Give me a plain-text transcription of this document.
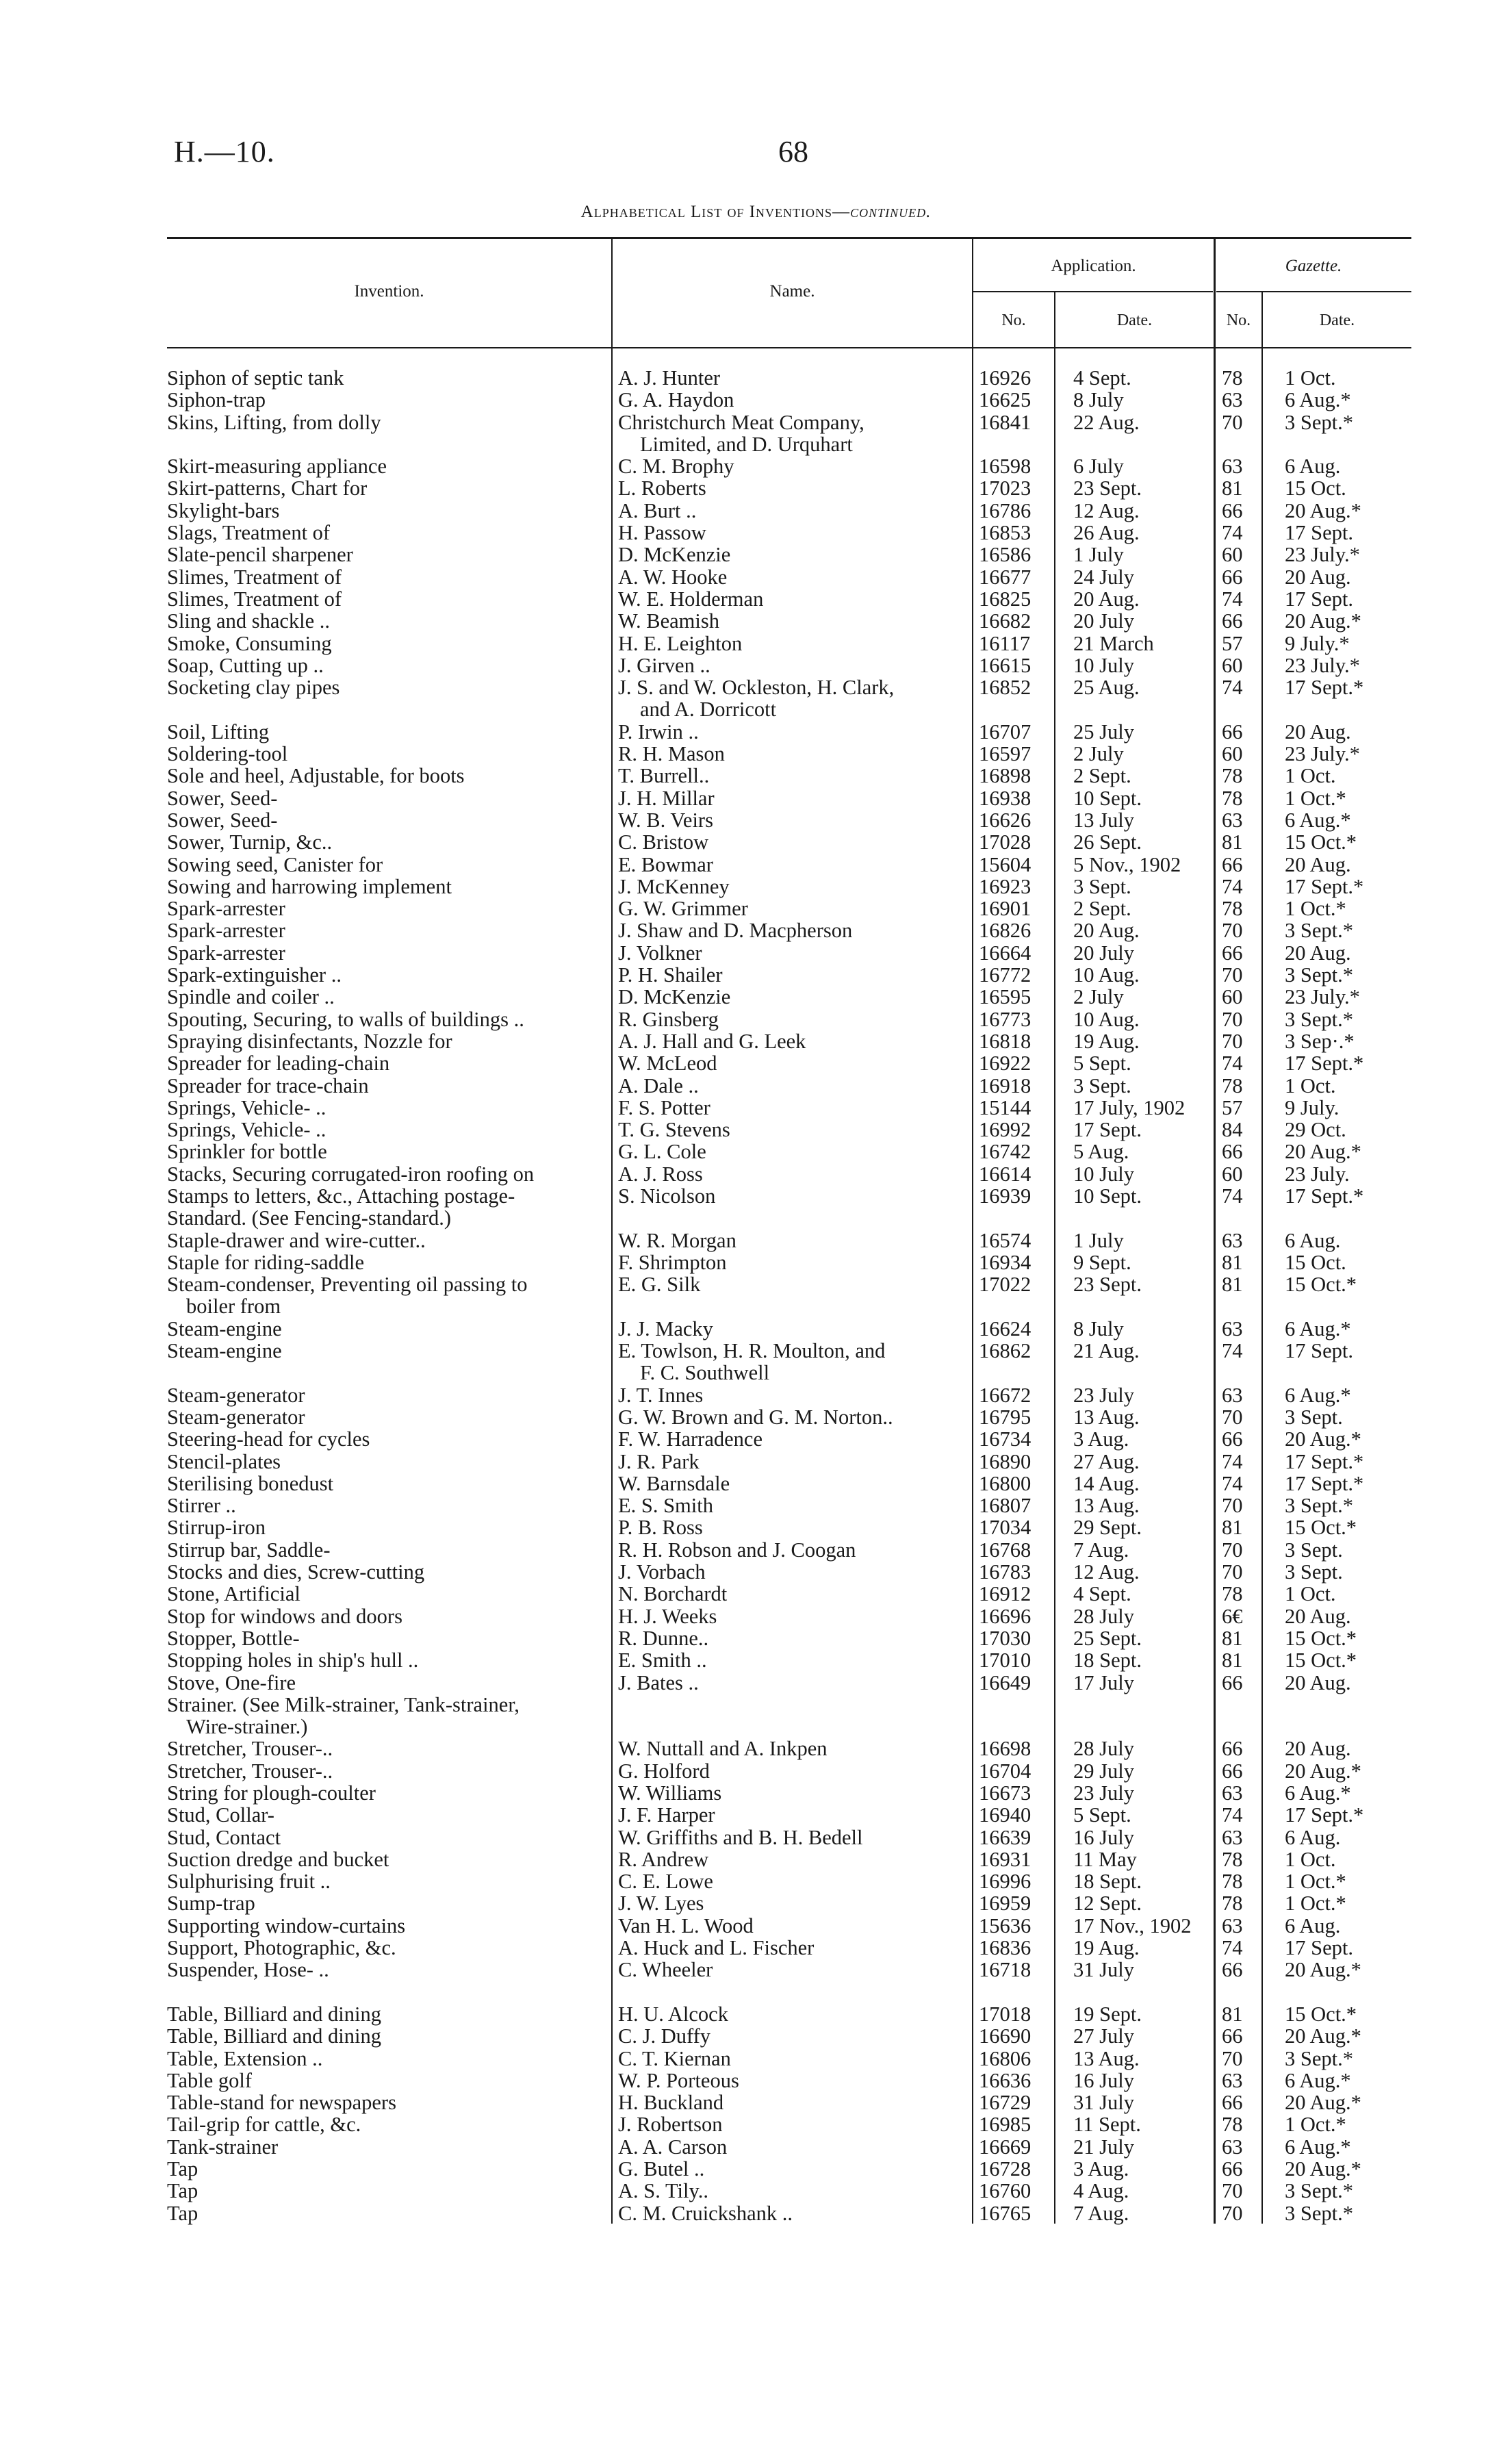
H.—10.	68
Alphabetical List of Inventions—continued.
Invention.	Name.
Application.	Gazette.
No.	Date.	No.	Date.
Siphon of septic tank	A. J. Hunter	16926	4 Sept.	78	1 Oct.
Siphon-trap	G. A. Haydon	16625	8 July	63	6 Aug.*
Skins, Lifting, from dolly	Christchurch Meat Company,	16841	22 Aug.	70	3 Sept.*
Limited, and D. Urquhart
Skirt-measuring appliance	C. M. Brophy	16598	6 July	63	6 Aug.
Skirt-patterns, Chart for	L. Roberts	17023	23 Sept.	81	15 Oct.
Skylight-bars	A. Burt ..	16786	12 Aug.	66	20 Aug.*
Slags, Treatment of	H. Passow	16853	26 Aug.	74	17 Sept.
Slate-pencil sharpener	D. McKenzie	16586	1 July	60	23 July.*
Slimes, Treatment of	A. W. Hooke	16677	24 July	66	20 Aug.
Slimes, Treatment of	W. E. Holderman	16825	20 Aug.	74	17 Sept.
Sling and shackle ..	W. Beamish	16682	20 July	66	20 Aug.*
Smoke, Consuming	H. E. Leighton	16117	21 March	57	9 July.*
Soap, Cutting up ..	J. Girven ..	16615	10 July	60	23 July.*
Socketing clay pipes	J. S. and W. Ockleston, H. Clark,	16852	25 Aug.	74	17 Sept.*
and A. Dorricott
Soil, Lifting	P. Irwin ..	16707	25 July	66	20 Aug.
Soldering-tool	R. H. Mason	16597	2 July	60	23 July.*
Sole and heel, Adjustable, for boots	T. Burrell..	16898	2 Sept.	78	1 Oct.
Sower, Seed-	J. H. Millar	16938	10 Sept.	78	1 Oct.*
Sower, Seed-	W. B. Veirs	16626	13 July	63	6 Aug.*
Sower, Turnip, &c..	C. Bristow	17028	26 Sept.	81	15 Oct.*
Sowing seed, Canister for	E. Bowmar	15604	5 Nov., 1902	66	20 Aug.
Sowing and harrowing implement	J. McKenney	16923	3 Sept.	74	17 Sept.*
Spark-arrester	G. W. Grimmer	16901	2 Sept.	78	1 Oct.*
Spark-arrester	J. Shaw and D. Macpherson	16826	20 Aug.	70	3 Sept.*
Spark-arrester	J. Volkner	16664	20 July	66	20 Aug.
Spark-extinguisher ..	P. H. Shailer	16772	10 Aug.	70	3 Sept.*
Spindle and coiler ..	D. McKenzie	16595	2 July	60	23 July.*
Spouting, Securing, to walls of buildings ..	R. Ginsberg	16773	10 Aug.	70	3 Sept.*
Spraying disinfectants, Nozzle for	A. J. Hall and G. Leek	16818	19 Aug.	70	3 Sep·.*
Spreader for leading-chain	W. McLeod	16922	5 Sept.	74	17 Sept.*
Spreader for trace-chain	A. Dale ..	16918	3 Sept.	78	1 Oct.
Springs, Vehicle- ..	F. S. Potter	15144	17 July, 1902	57	9 July.
Springs, Vehicle- ..	T. G. Stevens	16992	17 Sept.	84	29 Oct.
Sprinkler for bottle	G. L. Cole	16742	5 Aug.	66	20 Aug.*
Stacks, Securing corrugated-iron roofing on	A. J. Ross	16614	10 July	60	23 July.
Stamps to letters, &c., Attaching postage-	S. Nicolson	16939	10 Sept.	74	17 Sept.*
Standard. (See Fencing-standard.)
Staple-drawer and wire-cutter..	W. R. Morgan	16574	1 July	63	6 Aug.
Staple for riding-saddle	F. Shrimpton	16934	9 Sept.	81	15 Oct.
Steam-condenser, Preventing oil passing to	E. G. Silk	17022	23 Sept.	81	15 Oct.*
boiler from
Steam-engine	J. J. Macky	16624	8 July	63	6 Aug.*
Steam-engine	E. Towlson, H. R. Moulton, and	16862	21 Aug.	74	17 Sept.
F. C. Southwell
Steam-generator	J. T. Innes	16672	23 July	63	6 Aug.*
Steam-generator	G. W. Brown and G. M. Norton..	16795	13 Aug.	70	3 Sept.
Steering-head for cycles	F. W. Harradence	16734	3 Aug.	66	20 Aug.*
Stencil-plates	J. R. Park	16890	27 Aug.	74	17 Sept.*
Sterilising bonedust	W. Barnsdale	16800	14 Aug.	74	17 Sept.*
Stirrer ..	E. S. Smith	16807	13 Aug.	70	3 Sept.*
Stirrup-iron	P. B. Ross	17034	29 Sept.	81	15 Oct.*
Stirrup bar, Saddle-	R. H. Robson and J. Coogan	16768	7 Aug.	70	3 Sept.
Stocks and dies, Screw-cutting	J. Vorbach	16783	12 Aug.	70	3 Sept.
Stone, Artificial	N. Borchardt	16912	4 Sept.	78	1 Oct.
Stop for windows and doors	H. J. Weeks	16696	28 July	6€	20 Aug.
Stopper, Bottle-	R. Dunne..	17030	25 Sept.	81	15 Oct.*
Stopping holes in ship's hull ..	E. Smith ..	17010	18 Sept.	81	15 Oct.*
Stove, One-fire	J. Bates ..	16649	17 July	66	20 Aug.
Strainer. (See Milk-strainer, Tank-strainer,
Wire-strainer.)
Stretcher, Trouser-..	W. Nuttall and A. Inkpen	16698	28 July	66	20 Aug.
Stretcher, Trouser-..	G. Holford	16704	29 July	66	20 Aug.*
String for plough-coulter	W. Williams	16673	23 July	63	6 Aug.*
Stud, Collar-	J. F. Harper	16940	5 Sept.	74	17 Sept.*
Stud, Contact	W. Griffiths and B. H. Bedell	16639	16 July	63	6 Aug.
Suction dredge and bucket	R. Andrew	16931	11 May	78	1 Oct.
Sulphurising fruit ..	C. E. Lowe	16996	18 Sept.	78	1 Oct.*
Sump-trap	J. W. Lyes	16959	12 Sept.	78	1 Oct.*
Supporting window-curtains	Van H. L. Wood	15636	17 Nov., 1902	63	6 Aug.
Support, Photographic, &c.	A. Huck and L. Fischer	16836	19 Aug.	74	17 Sept.
Suspender, Hose- ..	C. Wheeler	16718	31 July	66	20 Aug.*
Table, Billiard and dining	H. U. Alcock	17018	19 Sept.	81	15 Oct.*
Table, Billiard and dining	C. J. Duffy	16690	27 July	66	20 Aug.*
Table, Extension ..	C. T. Kiernan	16806	13 Aug.	70	3 Sept.*
Table golf	W. P. Porteous	16636	16 July	63	6 Aug.*
Table-stand for newspapers	H. Buckland	16729	31 July	66	20 Aug.*
Tail-grip for cattle, &c.	J. Robertson	16985	11 Sept.	78	1 Oct.*
Tank-strainer	A. A. Carson	16669	21 July	63	6 Aug.*
Tap	G. Butel ..	16728	3 Aug.	66	20 Aug.*
Tap	A. S. Tily..	16760	4 Aug.	70	3 Sept.*
Tap	C. M. Cruickshank ..	16765	7 Aug.	70	3 Sept.*
